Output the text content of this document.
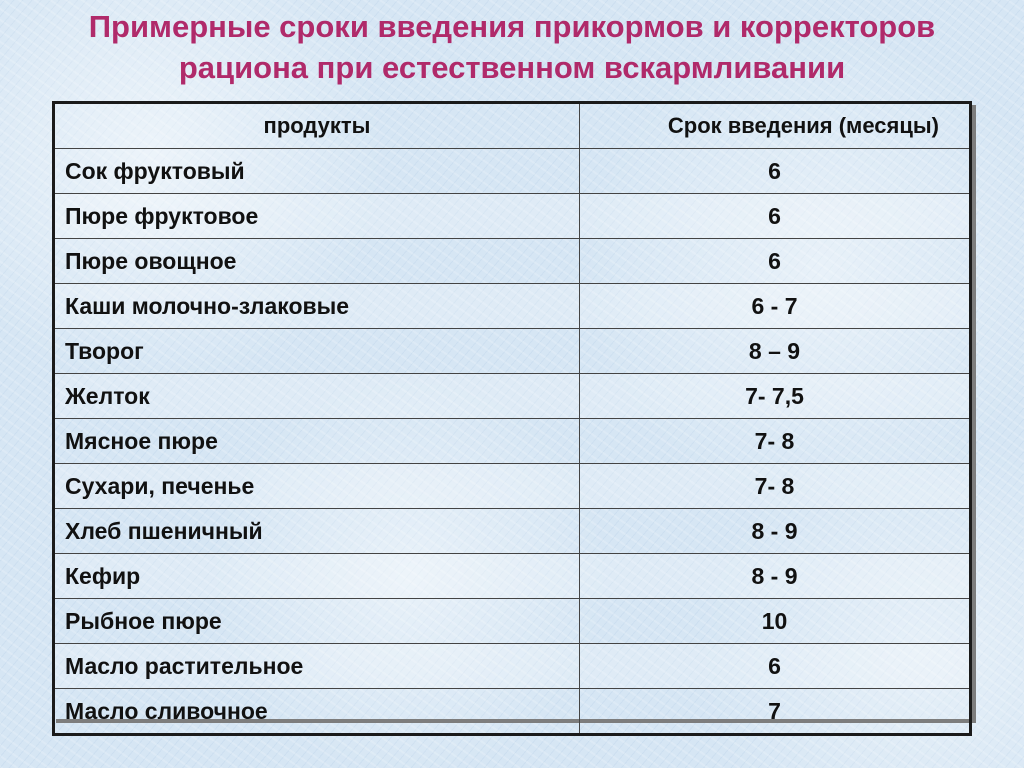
Примерные сроки введения прикормов и корректоров
рациона при естественном вскармливании
продукты	Срок введения (месяцы)
Сок фруктовый	6
Пюре фруктовое	6
Пюре овощное	6
Каши молочно-злаковые	6 - 7
Творог	8 – 9
Желток	7- 7,5
Мясное пюре	7- 8
Сухари, печенье	7- 8
Хлеб пшеничный	8 - 9
Кефир	8 - 9
Рыбное пюре	10
Масло растительное	6
Масло сливочное	7
